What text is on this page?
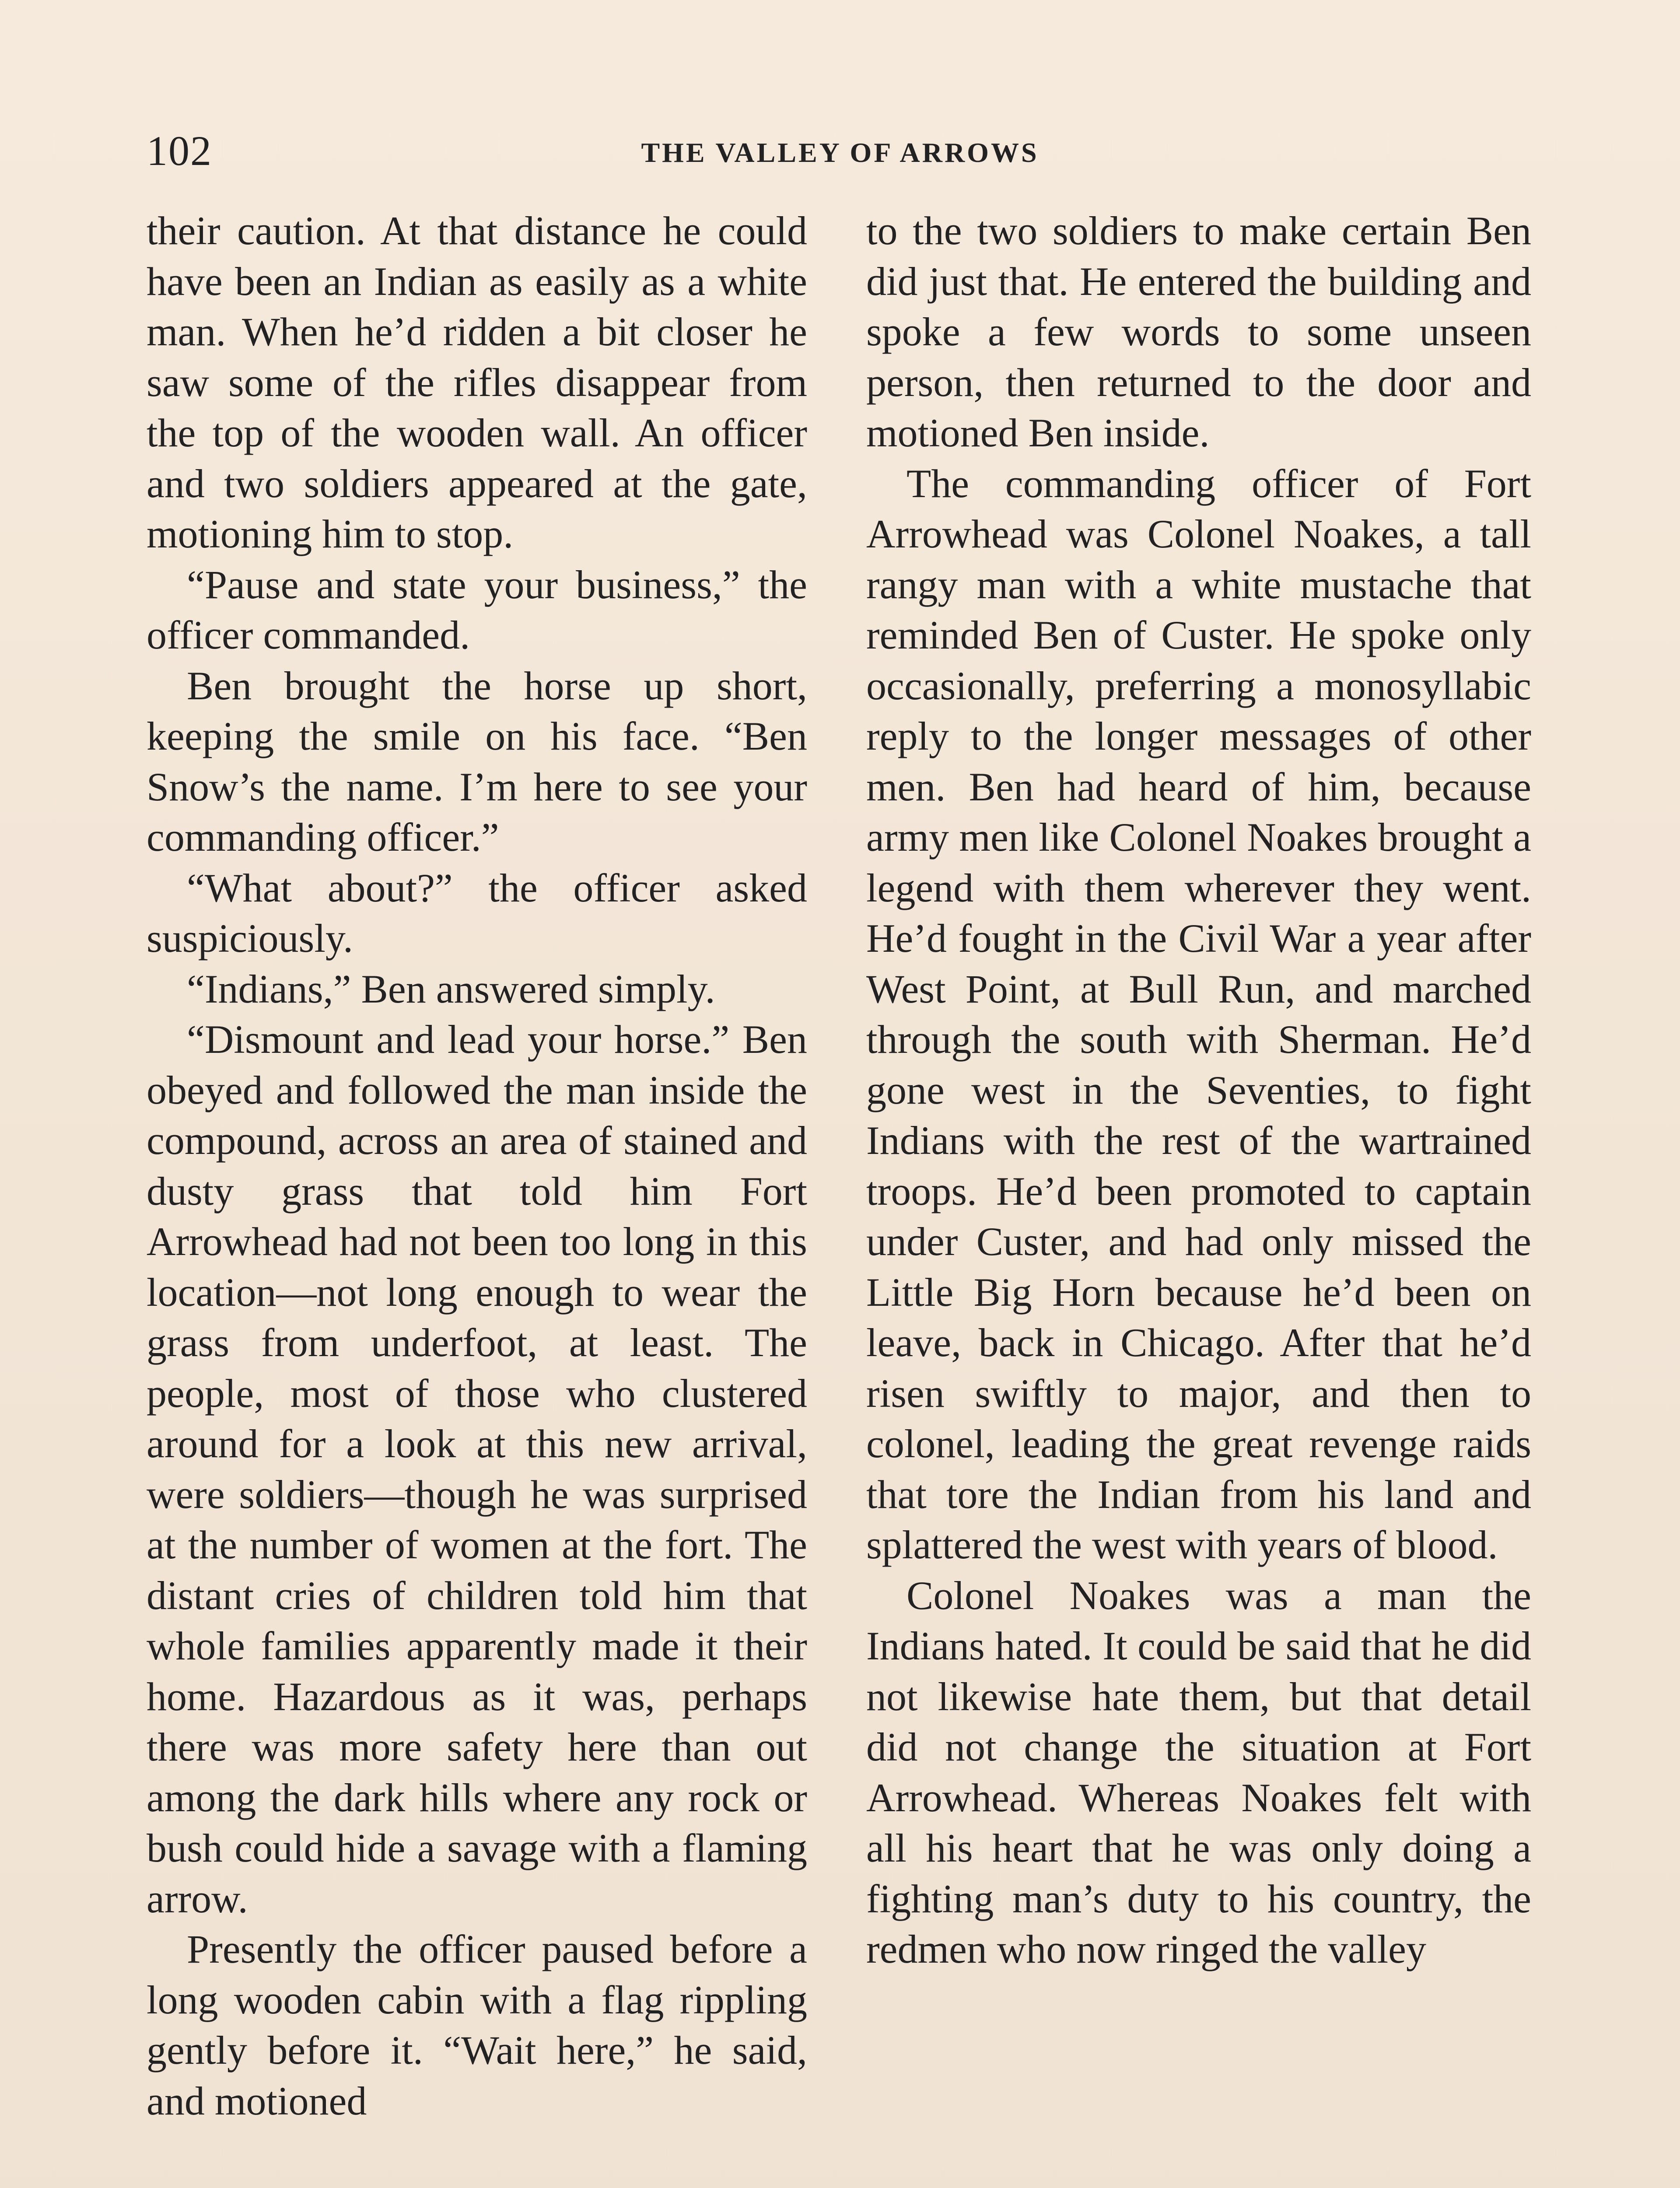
102	THE VALLEY OF ARROWS

their caution. At that distance he could have been an Indian as easily as a white man. When he’d ridden a bit closer he saw some of the rifles disappear from the top of the wooden wall. An officer and two soldiers appeared at the gate, motioning him to stop.

“Pause and state your business,” the officer commanded.

Ben brought the horse up short, keeping the smile on his face. “Ben Snow’s the name. I’m here to see your commanding officer.”

“What about?” the officer asked suspiciously.

“Indians,” Ben answered simply.

“Dismount and lead your horse.” Ben obeyed and followed the man inside the compound, across an area of stained and dusty grass that told him Fort Arrowhead had not been too long in this location—not long enough to wear the grass from underfoot, at least. The people, most of those who clustered around for a look at this new arrival, were soldiers—though he was surprised at the number of women at the fort. The distant cries of children told him that whole families apparently made it their home. Hazardous as it was, perhaps there was more safety here than out among the dark hills where any rock or bush could hide a savage with a flaming arrow.

Presently the officer paused before a long wooden cabin with a flag rippling gently before it. “Wait here,” he said, and motioned

to the two soldiers to make certain Ben did just that. He entered the building and spoke a few words to some unseen person, then returned to the door and motioned Ben inside.

The commanding officer of Fort Arrowhead was Colonel Noakes, a tall rangy man with a white mustache that reminded Ben of Custer. He spoke only occasionally, preferring a monosyllabic reply to the longer messages of other men. Ben had heard of him, because army men like Colonel Noakes brought a legend with them wherever they went. He’d fought in the Civil War a year after West Point, at Bull Run, and marched through the south with Sherman. He’d gone west in the Seventies, to fight Indians with the rest of the wartrained troops. He’d been promoted to captain under Custer, and had only missed the Little Big Horn because he’d been on leave, back in Chicago. After that he’d risen swiftly to major, and then to colonel, leading the great revenge raids that tore the Indian from his land and splattered the west with years of blood.

Colonel Noakes was a man the Indians hated. It could be said that he did not likewise hate them, but that detail did not change the situation at Fort Arrowhead. Whereas Noakes felt with all his heart that he was only doing a fighting man’s duty to his country, the redmen who now ringed the valley
